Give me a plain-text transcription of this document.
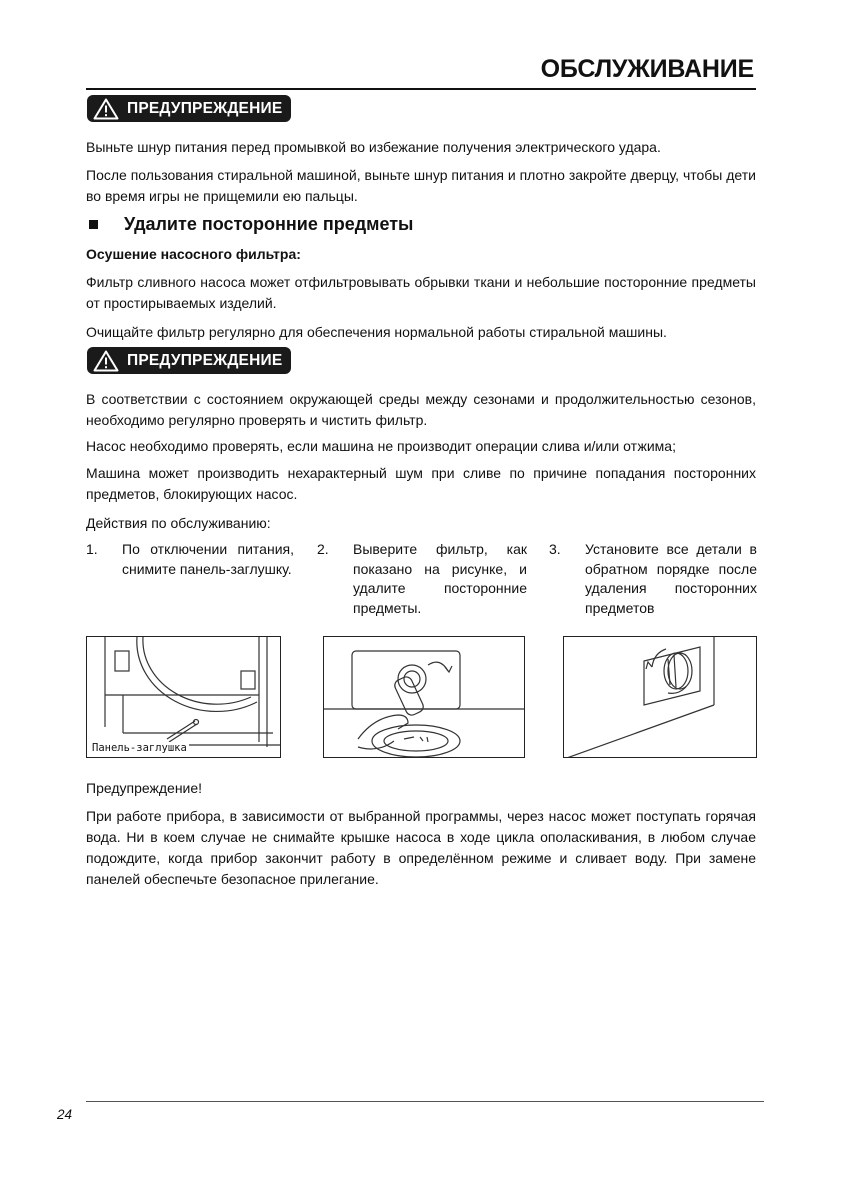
ОБСЛУЖИВАНИЕ
ПРЕДУПРЕЖДЕНИЕ

Выньте шнур питания перед промывкой во избежание получения электрического удара.

После пользования стиральной машиной, выньте шнур питания и плотно закройте дверцу, чтобы дети во время игры не прищемили ею пальцы.

Удалите посторонние предметы

Осушение насосного фильтра:

Фильтр сливного насоса может отфильтровывать обрывки ткани и небольшие посторонние предметы от простирываемых изделий.

Очищайте фильтр регулярно для обеспечения нормальной работы стиральной машины.

ПРЕДУПРЕЖДЕНИЕ

В соответствии с состоянием окружающей среды между сезонами и продолжительностью сезонов, необходимо регулярно проверять и чистить фильтр.

Насос необходимо проверять, если машина не производит операции слива и/или отжима;

Машина может производить нехарактерный шум при сливе по причине попадания посторонних предметов, блокирующих насос.

Действия по обслуживанию:

1. По отключении питания, снимите панель-заглушку.
2. Выверите фильтр, как показано на рисунке, и удалите посторонние предметы.
3. Установите все детали в обратном порядке после удаления посторонних предметов
Панель-заглушка

Предупреждение!

При работе прибора, в зависимости от выбранной программы, через насос может поступать горячая вода. Ни в коем случае не снимайте крышке насоса в ходе цикла ополаскивания, в любом случае подождите, когда прибор закончит работу в определённом режиме и сливает воду. При замене панелей обеспечьте безопасное прилегание.

24
